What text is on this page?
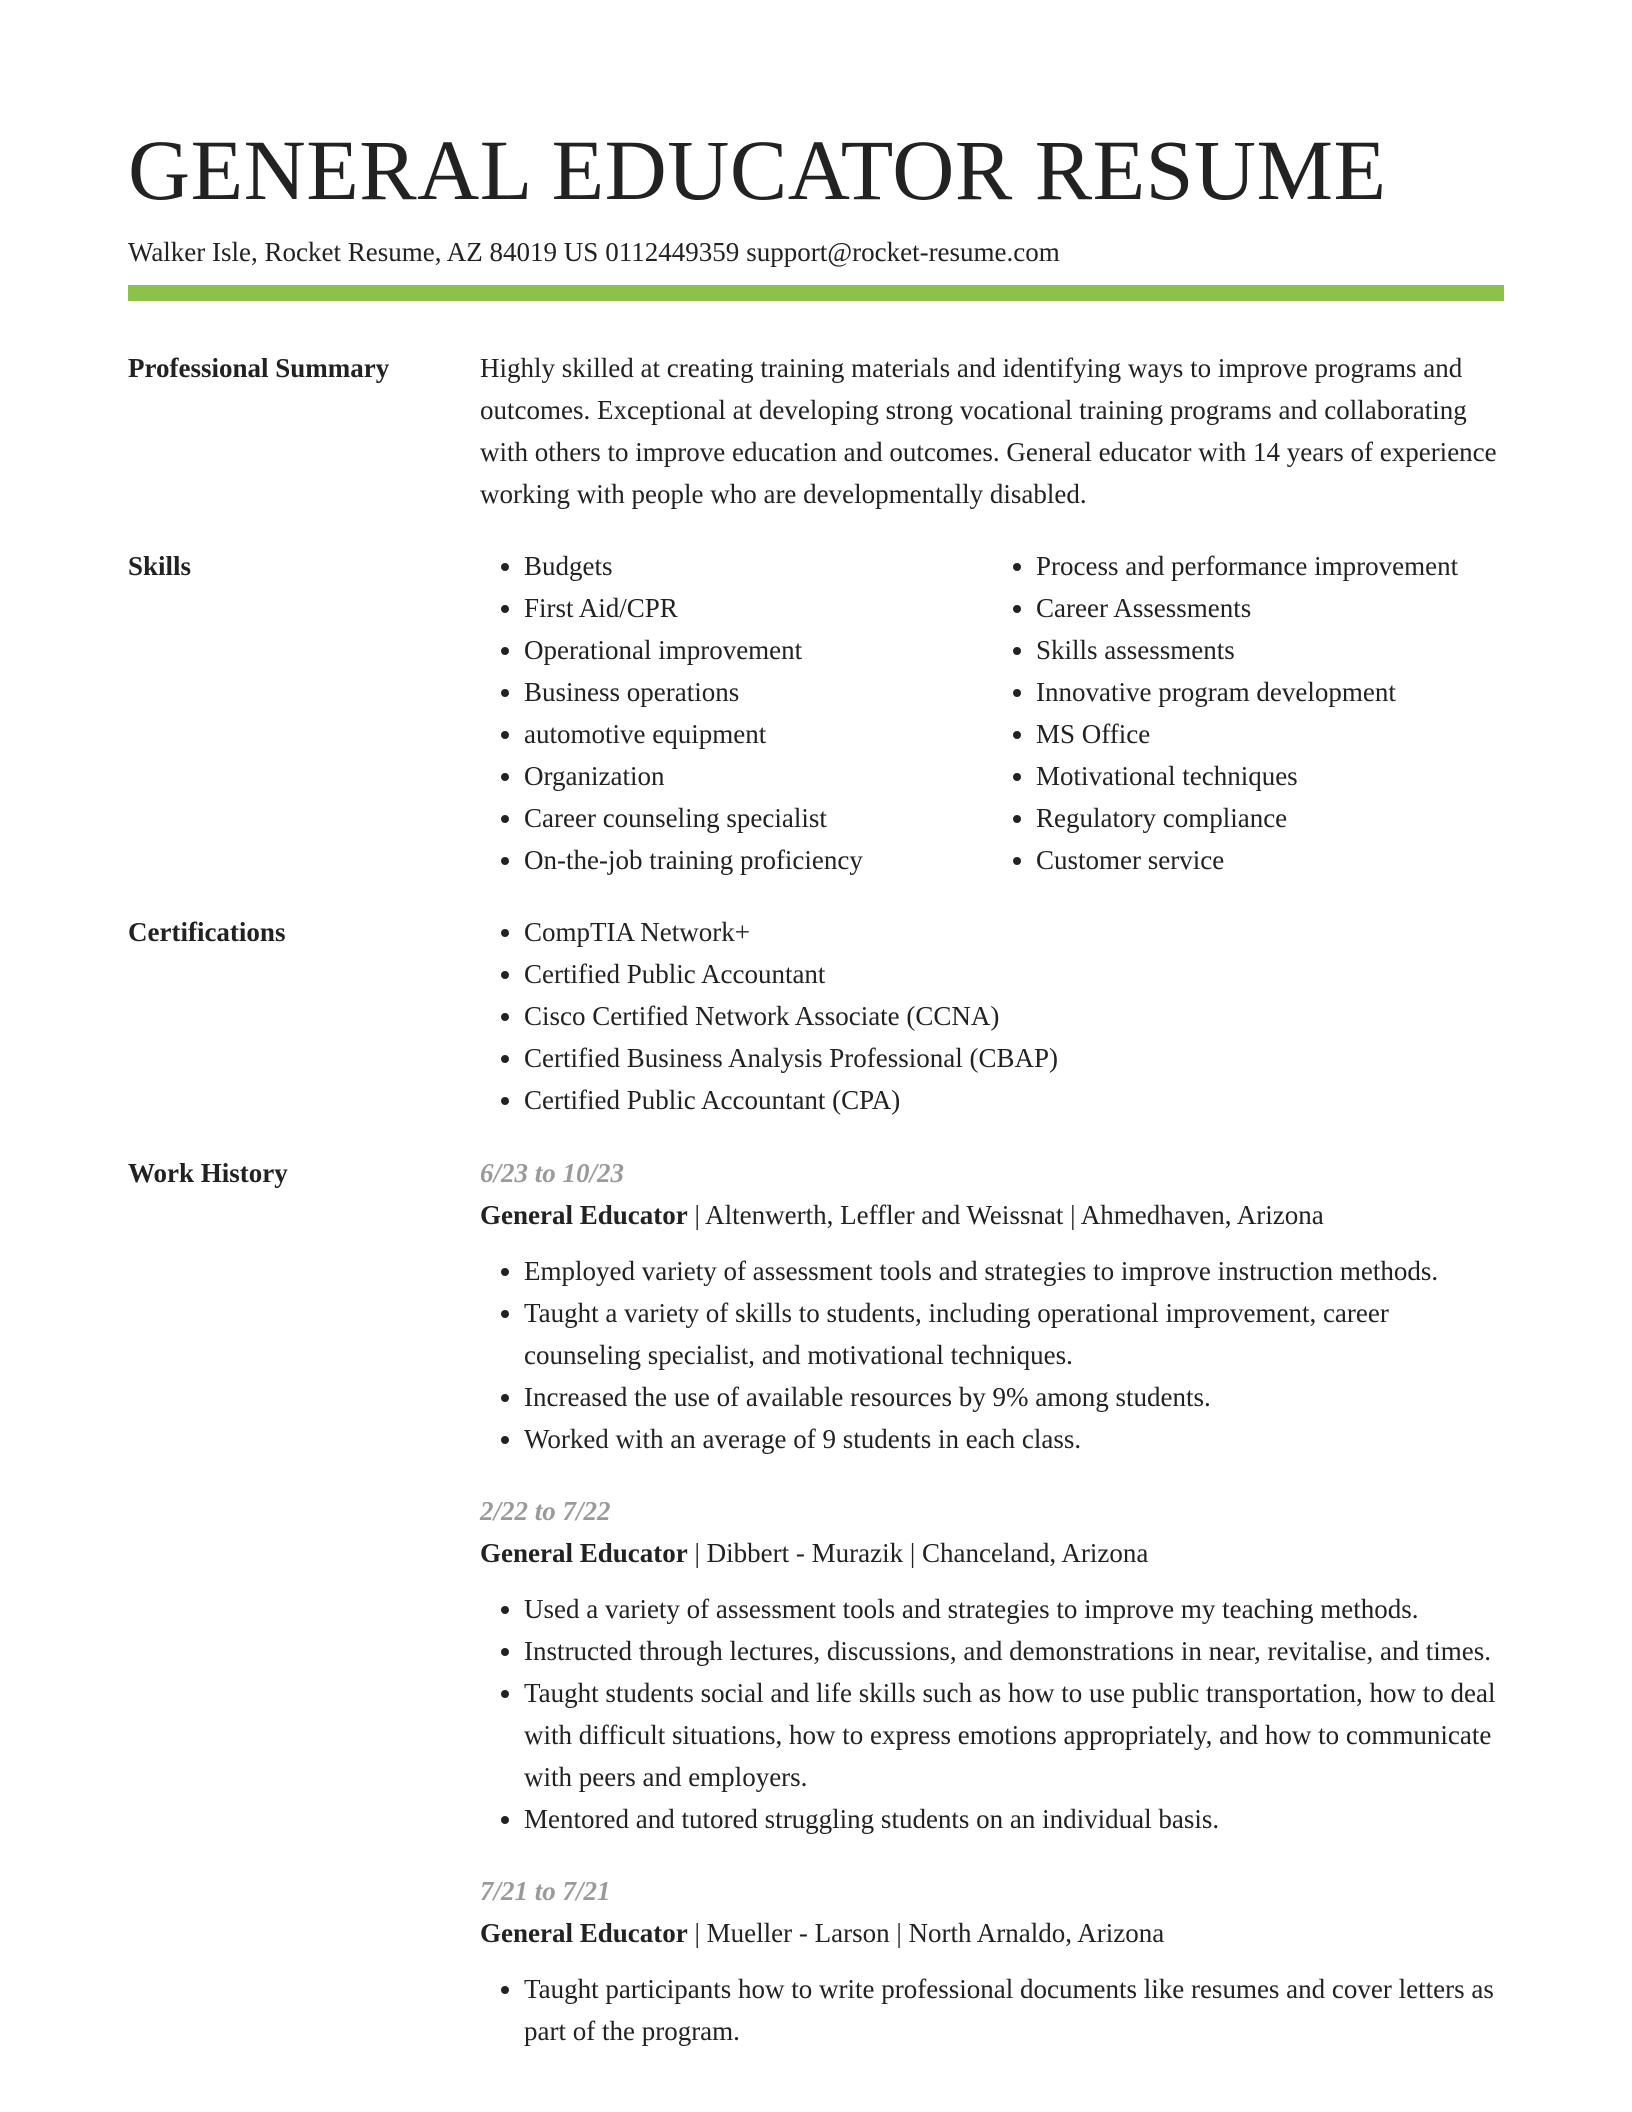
GENERAL EDUCATOR RESUME
Walker Isle, Rocket Resume, AZ 84019 US 0112449359 support@rocket-resume.com
Professional Summary	Highly skilled at creating training materials and identifying ways to improve programs and outcomes. Exceptional at developing strong vocational training programs and collaborating with others to improve education and outcomes. General educator with 14 years of experience working with people who are developmentally disabled.

Skills	• Budgets
• First Aid/CPR
• Operational improvement
• Business operations
• automotive equipment
• Organization
• Career counseling specialist
• On-the-job training proficiency
• Process and performance improvement
• Career Assessments
• Skills assessments
• Innovative program development
• MS Office
• Motivational techniques
• Regulatory compliance
• Customer service
Certifications	• CompTIA Network+
• Certified Public Accountant
• Cisco Certified Network Associate (CCNA)
• Certified Business Analysis Professional (CBAP)
• Certified Public Accountant (CPA)
Work History	6/23 to 10/23
General Educator | Altenwerth, Leffler and Weissnat | Ahmedhaven, Arizona
• Employed variety of assessment tools and strategies to improve instruction methods.
• Taught a variety of skills to students, including operational improvement, career counseling specialist, and motivational techniques.
• Increased the use of available resources by 9% among students.
• Worked with an average of 9 students in each class.
2/22 to 7/22
General Educator | Dibbert - Murazik | Chanceland, Arizona
• Used a variety of assessment tools and strategies to improve my teaching methods.
• Instructed through lectures, discussions, and demonstrations in near, revitalise, and times.
• Taught students social and life skills such as how to use public transportation, how to deal with difficult situations, how to express emotions appropriately, and how to communicate with peers and employers.
• Mentored and tutored struggling students on an individual basis.
7/21 to 7/21
General Educator | Mueller - Larson | North Arnaldo, Arizona
• Taught participants how to write professional documents like resumes and cover letters as part of the program.
